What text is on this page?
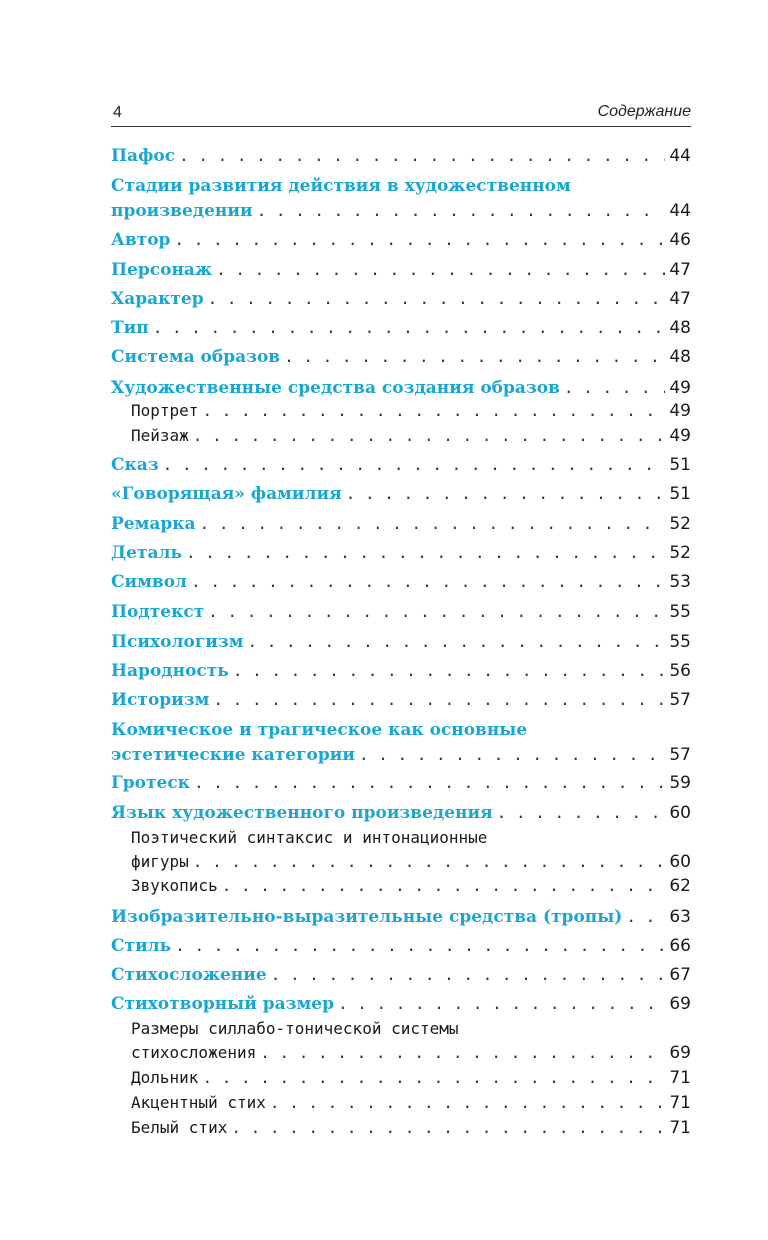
4	Содержание
Пафос . . .	44
Стадии развития действия в художественном
произведении . . .	44
Автор . . .	46
Персонаж . . .	47
Характер . . .	47
Тип . . .	48
Система образов . . .	48
Художественные средства создания образов . . .	49
Портрет . . .	49
Пейзаж . . .	49
Сказ . . .	51
«Говорящая» фамилия . . .	51
Ремарка . . .	52
Деталь . . .	52
Символ . . .	53
Подтекст . . .	55
Психологизм . . .	55
Народность . . .	56
Историзм . . .	57
Комическое и трагическое как основные
эстетические категории . . .	57
Гротеск . . .	59
Язык художественного произведения . . .	60
Поэтический синтаксис и интонационные
фигуры . . .	60
Звукопись . . .	62
Изобразительно-выразительные средства (тропы) . . .	63
Стиль . . .	66
Стихосложение . . .	67
Стихотворный размер . . .	69
Размеры силлабо-тонической системы
стихосложения . . .	69
Дольник . . .	71
Акцентный стих . . .	71
Белый стих . . .	71
